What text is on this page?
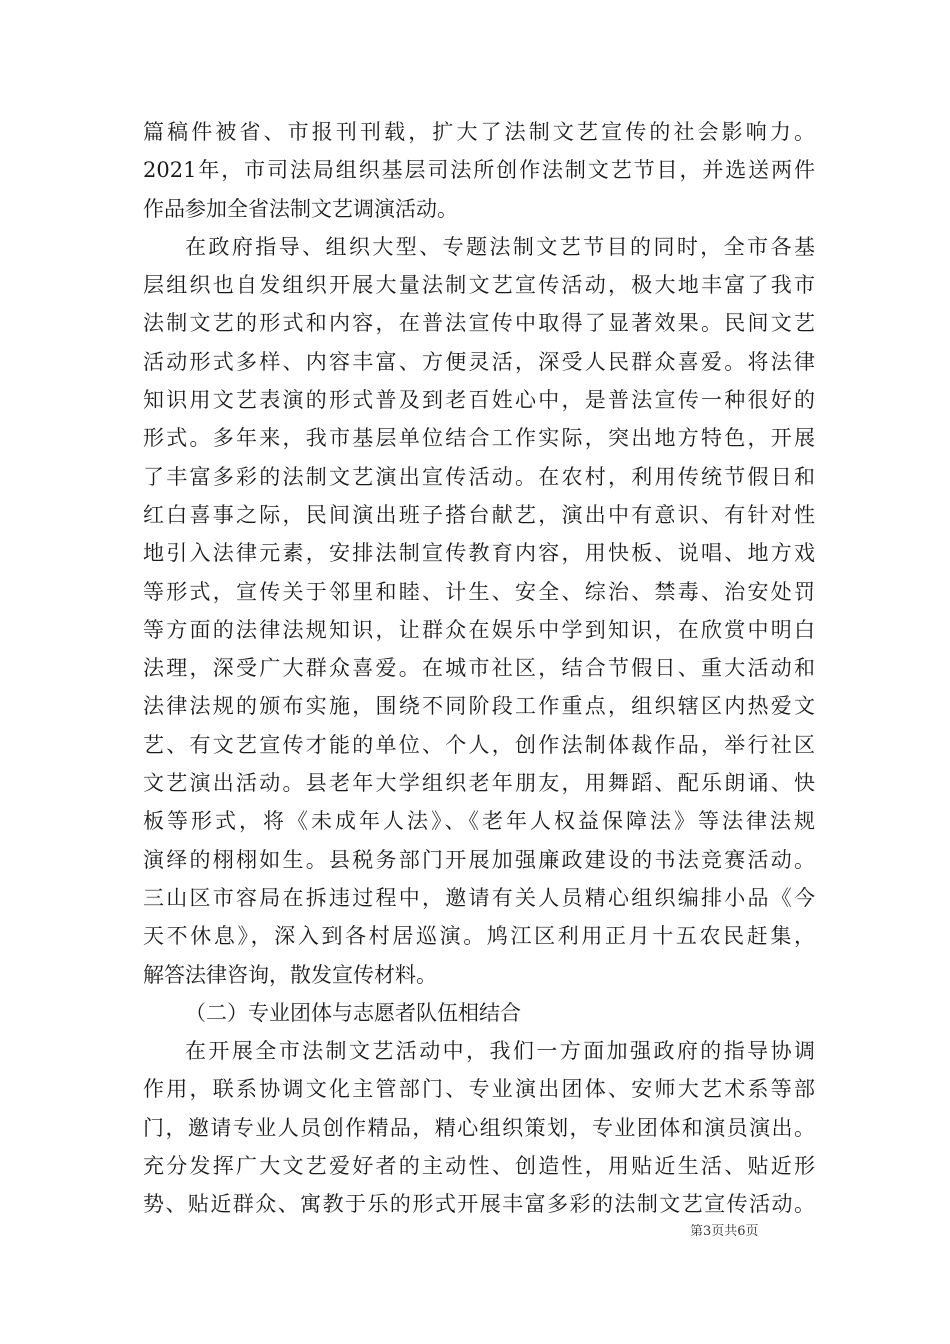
篇稿件被省、市报刊刊载，扩大了法制文艺宣传的社会影响力。
2021年，市司法局组织基层司法所创作法制文艺节目，并选送两件
作品参加全省法制文艺调演活动。
在政府指导、组织大型、专题法制文艺节目的同时，全市各基
层组织也自发组织开展大量法制文艺宣传活动，极大地丰富了我市
法制文艺的形式和内容，在普法宣传中取得了显著效果。民间文艺
活动形式多样、内容丰富、方便灵活，深受人民群众喜爱。将法律
知识用文艺表演的形式普及到老百姓心中，是普法宣传一种很好的
形式。多年来，我市基层单位结合工作实际，突出地方特色，开展
了丰富多彩的法制文艺演出宣传活动。在农村，利用传统节假日和
红白喜事之际，民间演出班子搭台献艺，演出中有意识、有针对性
地引入法律元素，安排法制宣传教育内容，用快板、说唱、地方戏
等形式，宣传关于邻里和睦、计生、安全、综治、禁毒、治安处罚
等方面的法律法规知识，让群众在娱乐中学到知识，在欣赏中明白
法理，深受广大群众喜爱。在城市社区，结合节假日、重大活动和
法律法规的颁布实施，围绕不同阶段工作重点，组织辖区内热爱文
艺、有文艺宣传才能的单位、个人，创作法制体裁作品，举行社区
文艺演出活动。县老年大学组织老年朋友，用舞蹈、配乐朗诵、快
板等形式，将《未成年人法》、《老年人权益保障法》等法律法规
演绎的栩栩如生。县税务部门开展加强廉政建设的书法竞赛活动。
三山区市容局在拆违过程中，邀请有关人员精心组织编排小品《今
天不休息》，深入到各村居巡演。鸠江区利用正月十五农民赶集，
解答法律咨询，散发宣传材料。
（二）专业团体与志愿者队伍相结合
在开展全市法制文艺活动中，我们一方面加强政府的指导协调
作用，联系协调文化主管部门、专业演出团体、安师大艺术系等部
门，邀请专业人员创作精品，精心组织策划，专业团体和演员演出。
充分发挥广大文艺爱好者的主动性、创造性，用贴近生活、贴近形
势、贴近群众、寓教于乐的形式开展丰富多彩的法制文艺宣传活动。
第3页共6页
